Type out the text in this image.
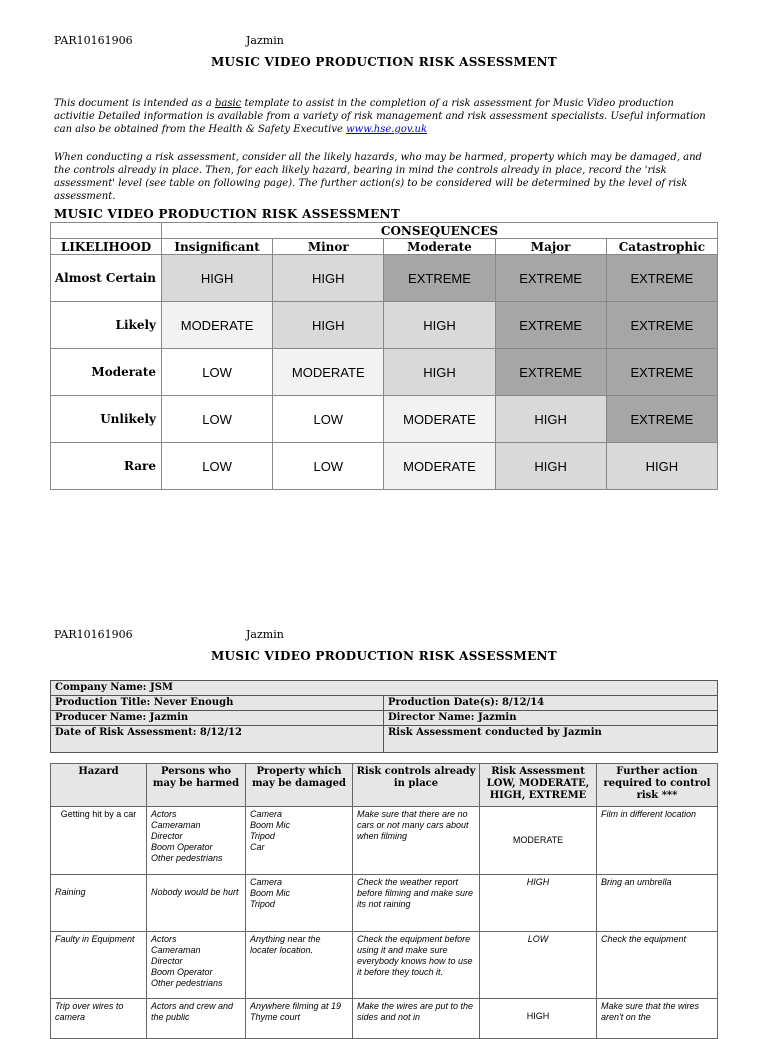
PAR10161906	Jazmin
MUSIC VIDEO PRODUCTION RISK ASSESSMENT
This document is intended as a basic template to assist in the completion of a risk assessment for Music Video production activitie Detailed information is available from a variety of risk management and risk assessment specialists. Useful information can also be obtained from the Health & Safety Executive www.hse.gov.uk
When conducting a risk assessment, consider all the likely hazards, who may be harmed, property which may be damaged, and the controls already in place. Then, for each likely hazard, bearing in mind the controls already in place, record the 'risk assessment' level (see table on following page). The further action(s) to be considered will be determined by the level of risk assessment.
MUSIC VIDEO PRODUCTION RISK ASSESSMENT
	CONSEQUENCES				
LIKELIHOOD	Insignificant	Minor	Moderate	Major	Catastrophic
Almost Certain	HIGH	HIGH	EXTREME	EXTREME	EXTREME
Likely	MODERATE	HIGH	HIGH	EXTREME	EXTREME
Moderate	LOW	MODERATE	HIGH	EXTREME	EXTREME
Unlikely	LOW	LOW	MODERATE	HIGH	EXTREME
Rare	LOW	LOW	MODERATE	HIGH	HIGH
PAR10161906	Jazmin
MUSIC VIDEO PRODUCTION RISK ASSESSMENT
Company Name: JSM	
Production Title: Never Enough	Production Date(s): 8/12/14
Producer Name: Jazmin	Director Name: Jazmin
Date of Risk Assessment: 8/12/12	Risk Assessment conducted by Jazmin
Hazard	Persons who may be harmed	Property which may be damaged	Risk controls already in place	Risk Assessment LOW, MODERATE, HIGH, EXTREME	Further action required to control risk ***
Getting hit by a car	Actors
Cameraman
Director
Boom Operator
Other pedestrians	Camera
Boom Mic
Tripod
Car	Make sure that there are no cars or not many cars about when filming	MODERATE	Film in different location
Raining	Nobody would be hurt	Camera
Boom Mic
Tripod	Check the weather report before filming and make sure its not raining	HIGH	Bring an umbrella
Faulty in Equipment	Actors
Cameraman
Director
Boom Operator
Other pedestrians	Anything near the locater location.	Check the equipment before using it and make sure everybody knows how to use it before they touch it.	LOW	Check the equipment
Trip over wires to camera	Actors and crew and the public	Anywhere filming at 19 Thyme court	Make the wires are put to the sides and not in	HIGH	Make sure that the wires aren't on the
